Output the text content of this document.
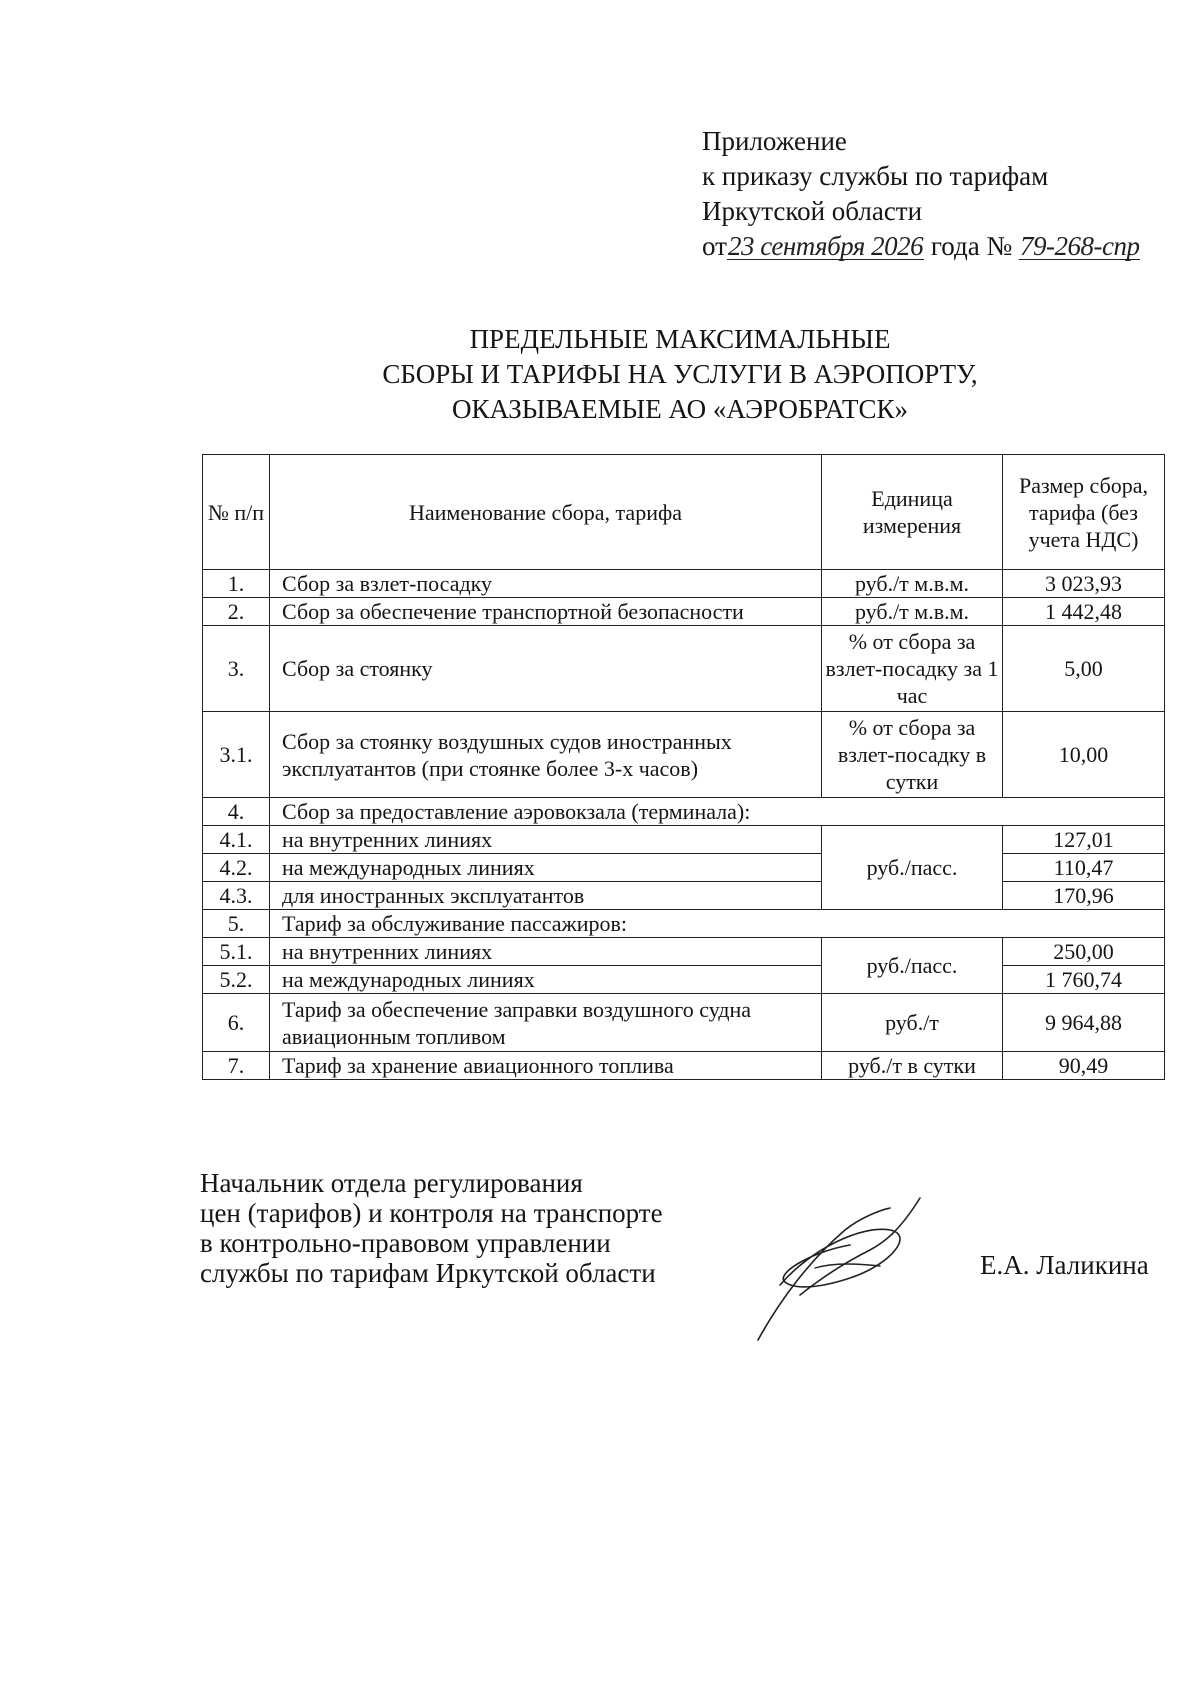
Приложение
к приказу службы по тарифам
Иркутской области
от23 сентября 2026 года № 79-268-спр
ПРЕДЕЛЬНЫЕ МАКСИМАЛЬНЫЕ
СБОРЫ И ТАРИФЫ НА УСЛУГИ В АЭРОПОРТУ,
ОКАЗЫВАЕМЫЕ АО «АЭРОБРАТСК»
№ п/п	Наименование сбора, тарифа	Единица измерения	Размер сбора, тарифа (без учета НДС)
1.	Сбор за взлет-посадку	руб./т м.в.м.	3 023,93
2.	Сбор за обеспечение транспортной безопасности	руб./т м.в.м.	1 442,48
3.	Сбор за стоянку	% от сбора за взлет-посадку за 1 час	5,00
3.1.	Сбор за стоянку воздушных судов иностранных эксплуатантов (при стоянке более 3-х часов)	% от сбора за взлет-посадку в сутки	10,00
4.	Сбор за предоставление аэровокзала (терминала):		
4.1.	на внутренних линиях	руб./пасс.	127,01
4.2.	на международных линиях		110,47
4.3.	для иностранных эксплуатантов		170,96
5.	Тариф за обслуживание пассажиров:		
5.1.	на внутренних линиях	руб./пасс.	250,00
5.2.	на международных линиях		1 760,74
6.	Тариф за обеспечение заправки воздушного судна авиационным топливом	руб./т	9 964,88
7.	Тариф за хранение авиационного топлива	руб./т в сутки	90,49
Начальник отдела регулирования
цен (тарифов) и контроля на транспорте
в контрольно-правовом управлении
службы по тарифам Иркутской области	Е.А. Лаликина
